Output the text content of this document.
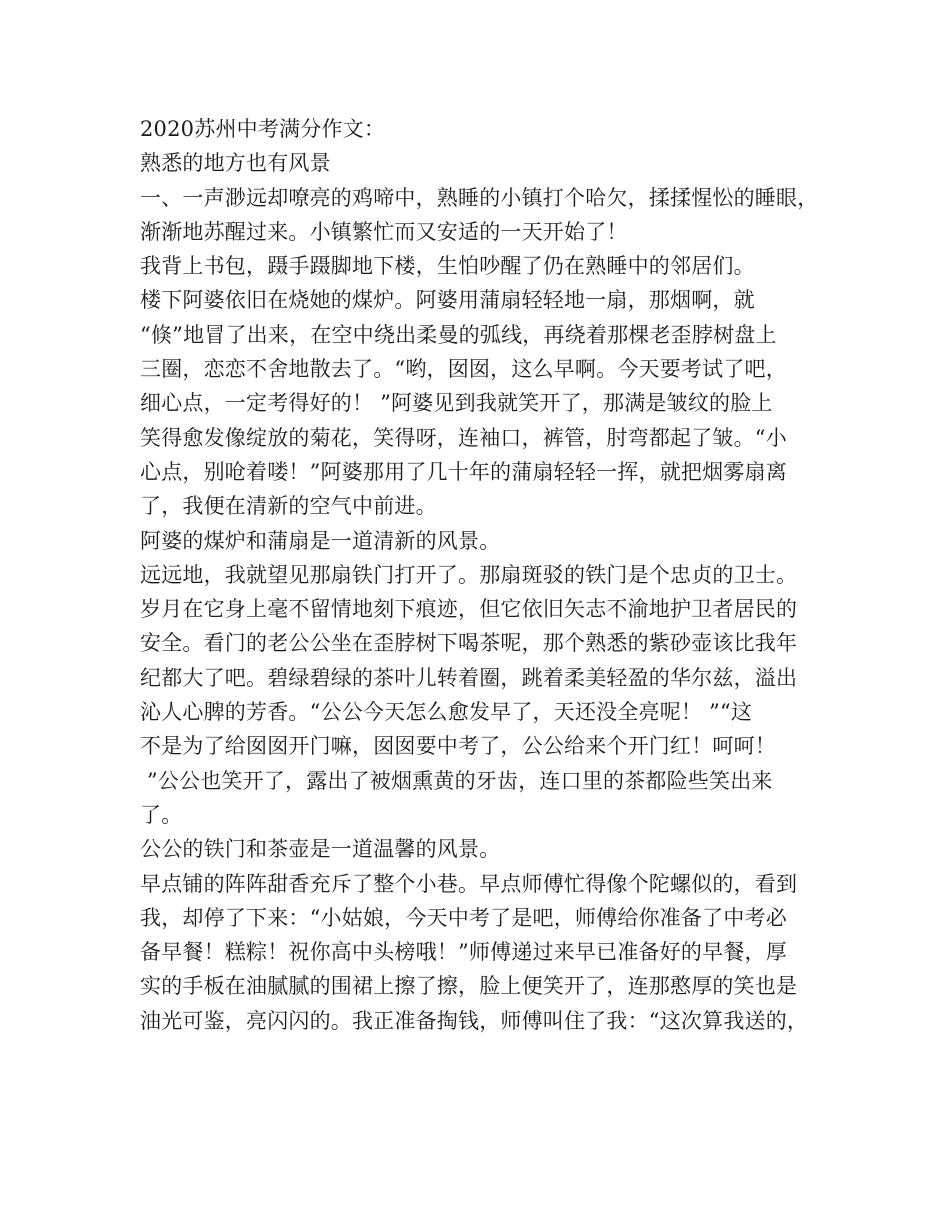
2020苏州中考满分作文：
熟悉的地方也有风景
一、一声渺远却嘹亮的鸡啼中，熟睡的小镇打个哈欠，揉揉惺忪的睡眼，
渐渐地苏醒过来。小镇繁忙而又安适的一天开始了！
我背上书包，蹑手蹑脚地下楼，生怕吵醒了仍在熟睡中的邻居们。
楼下阿婆依旧在烧她的煤炉。阿婆用蒲扇轻轻地一扇，那烟啊，就
“倏”地冒了出来，在空中绕出柔曼的弧线，再绕着那棵老歪脖树盘上
三圈，恋恋不舍地散去了。“哟，囡囡，这么早啊。今天要考试了吧，
细心点，一定考得好的！ ”阿婆见到我就笑开了，那满是皱纹的脸上
笑得愈发像绽放的菊花，笑得呀，连袖口，裤管，肘弯都起了皱。“小
心点，别呛着喽！”阿婆那用了几十年的蒲扇轻轻一挥，就把烟雾扇离
了，我便在清新的空气中前进。
阿婆的煤炉和蒲扇是一道清新的风景。
远远地，我就望见那扇铁门打开了。那扇斑驳的铁门是个忠贞的卫士。
岁月在它身上毫不留情地刻下痕迹，但它依旧矢志不渝地护卫者居民的
安全。看门的老公公坐在歪脖树下喝茶呢，那个熟悉的紫砂壶该比我年
纪都大了吧。碧绿碧绿的茶叶儿转着圈，跳着柔美轻盈的华尔兹，溢出
沁人心脾的芳香。“公公今天怎么愈发早了，天还没全亮呢！ ”“这
不是为了给囡囡开门嘛，囡囡要中考了，公公给来个开门红！呵呵！
”公公也笑开了，露出了被烟熏黄的牙齿，连口里的茶都险些笑出来
了。
公公的铁门和茶壶是一道温馨的风景。
早点铺的阵阵甜香充斥了整个小巷。早点师傅忙得像个陀螺似的，看到
我，却停了下来：“小姑娘，今天中考了是吧，师傅给你准备了中考必
备早餐！糕粽！祝你高中头榜哦！”师傅递过来早已准备好的早餐，厚
实的手板在油腻腻的围裙上擦了擦，脸上便笑开了，连那憨厚的笑也是
油光可鉴，亮闪闪的。我正准备掏钱，师傅叫住了我：“这次算我送的，
